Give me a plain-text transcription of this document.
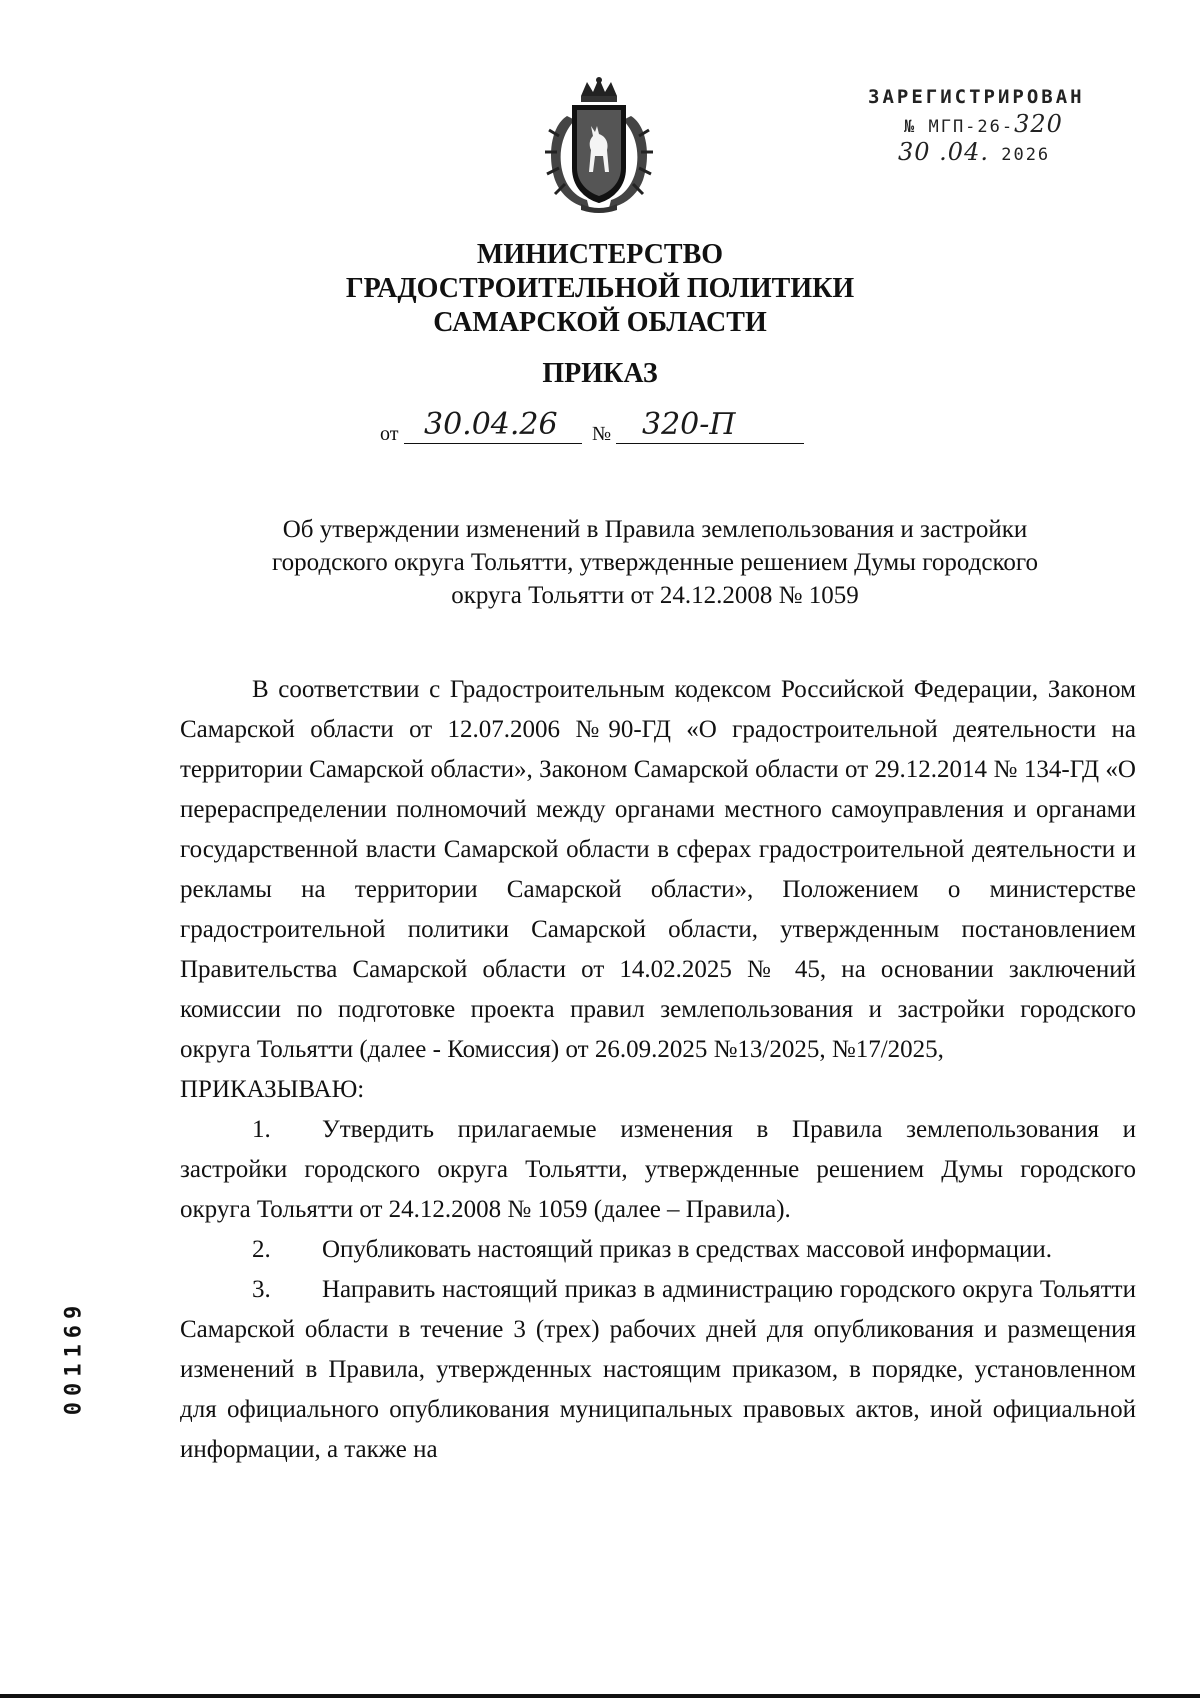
ЗАРЕГИСТРИРОВАН
№ МГП-26-320
30 .04. 2026
МИНИСТЕРСТВО
ГРАДОСТРОИТЕЛЬНОЙ ПОЛИТИКИ
САМАРСКОЙ ОБЛАСТИ
ПРИКАЗ
от 30.04.26 № 320-П
Об утверждении изменений в Правила землепользования и застройки
городского округа Тольятти, утвержденные решением Думы городского
округа Тольятти от 24.12.2008 № 1059

В соответствии с Градостроительным кодексом Российской Федерации, Законом Самарской области от 12.07.2006 №90-ГД «О градостроительной деятельности на территории Самарской области», Законом Самарской области от 29.12.2014 № 134-ГД «О перераспределении полномочий между органами местного самоуправления и органами государственной власти Самарской области в сферах градостроительной деятельности и рекламы на территории Самарской области», Положением о министерстве градостроительной политики Самарской области, утвержденным постановлением Правительства Самарской области от 14.02.2025 № 45, на основании заключений комиссии по подготовке проекта правил землепользования и застройки городского округа Тольятти (далее - Комиссия) от 26.09.2025 №13/2025, №17/2025,

ПРИКАЗЫВАЮ:

1. Утвердить прилагаемые изменения в Правила землепользования и застройки городского округа Тольятти, утвержденные решением Думы городского округа Тольятти от 24.12.2008 № 1059 (далее – Правила).

2. Опубликовать настоящий приказ в средствах массовой информации.

3. Направить настоящий приказ в администрацию городского округа Тольятти Самарской области в течение 3 (трех) рабочих дней для опубликования и размещения изменений в Правила, утвержденных настоящим приказом, в порядке, установленном для официального опубликования муниципальных правовых актов, иной официальной информации, а также на

001169
